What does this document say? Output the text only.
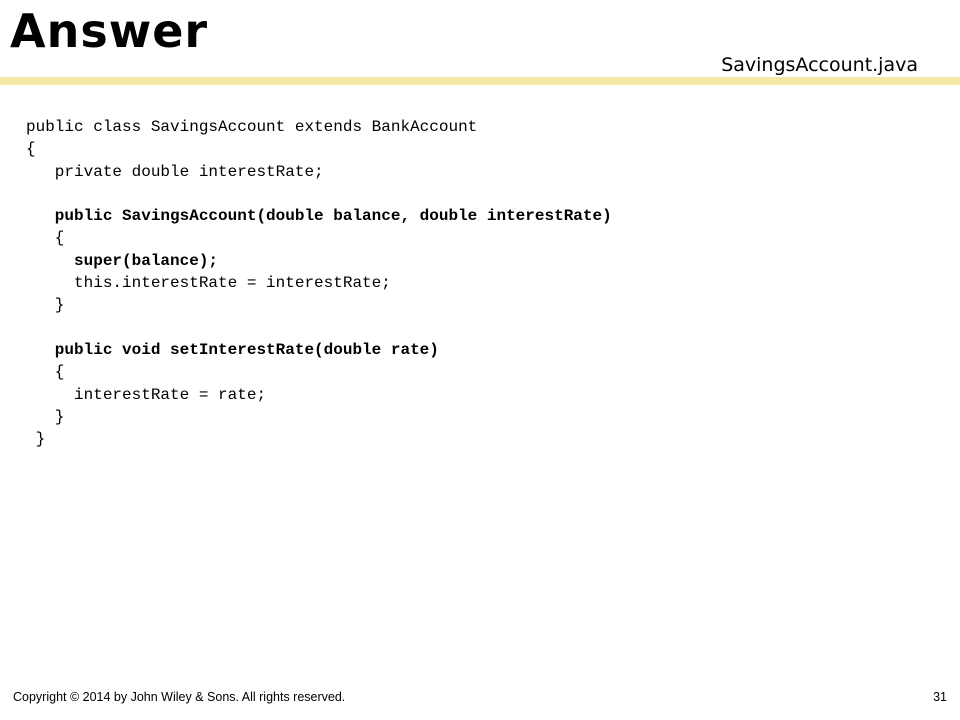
Answer
SavingsAccount.java
public class SavingsAccount extends BankAccount
{
private double interestRate;
public SavingsAccount(double balance, double interestRate)
{
super(balance);
this.interestRate = interestRate;
}
public void setInterestRate(double rate)
{
interestRate = rate;
}
}
Copyright © 2014 by John Wiley & Sons. All rights reserved.	31
